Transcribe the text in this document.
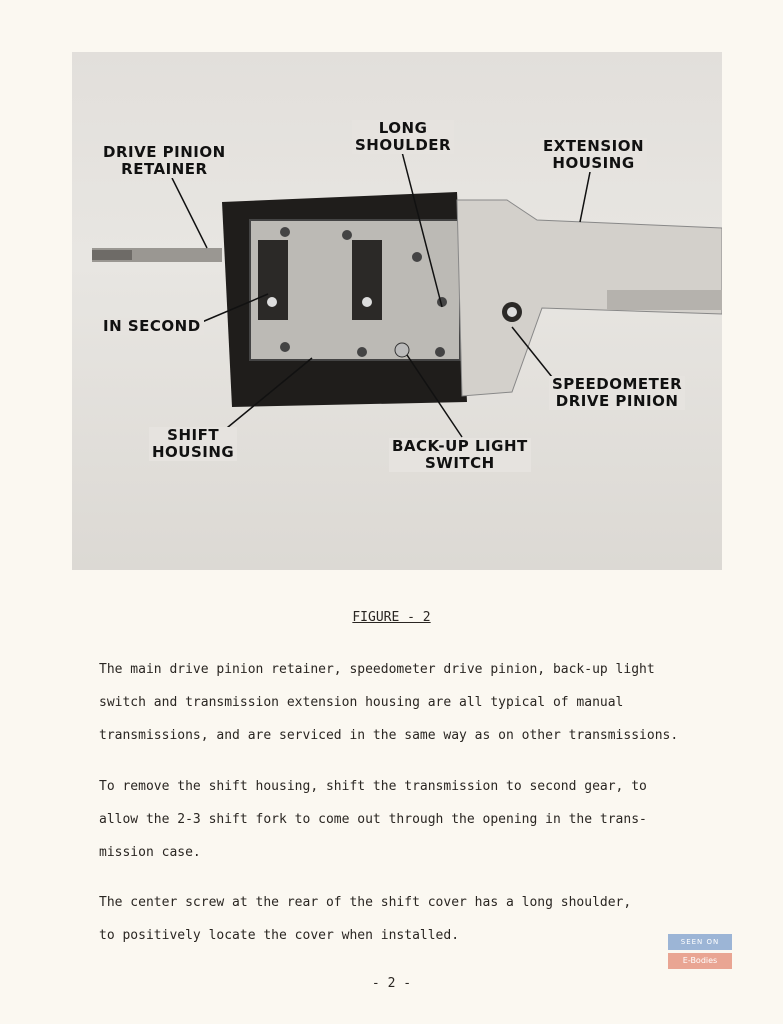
DRIVE PINION
RETAINER
LONG
SHOULDER	EXTENSION
HOUSING
IN SECOND
SPEEDOMETER
DRIVE PINION
SHIFT
HOUSING	BACK-UP LIGHT
SWITCH
FIGURE - 2
The main drive pinion retainer, speedometer drive pinion, back-up light
switch and transmission extension housing are all typical of manual
transmissions, and are serviced in the same way as on other transmissions.
To remove the shift housing, shift the transmission to second gear, to
allow the 2-3 shift fork to come out through the opening in the trans-
mission case.
The center screw at the rear of the shift cover has a long shoulder,
to positively locate the cover when installed.
- 2 -
SEEN ON
E-Bodies
